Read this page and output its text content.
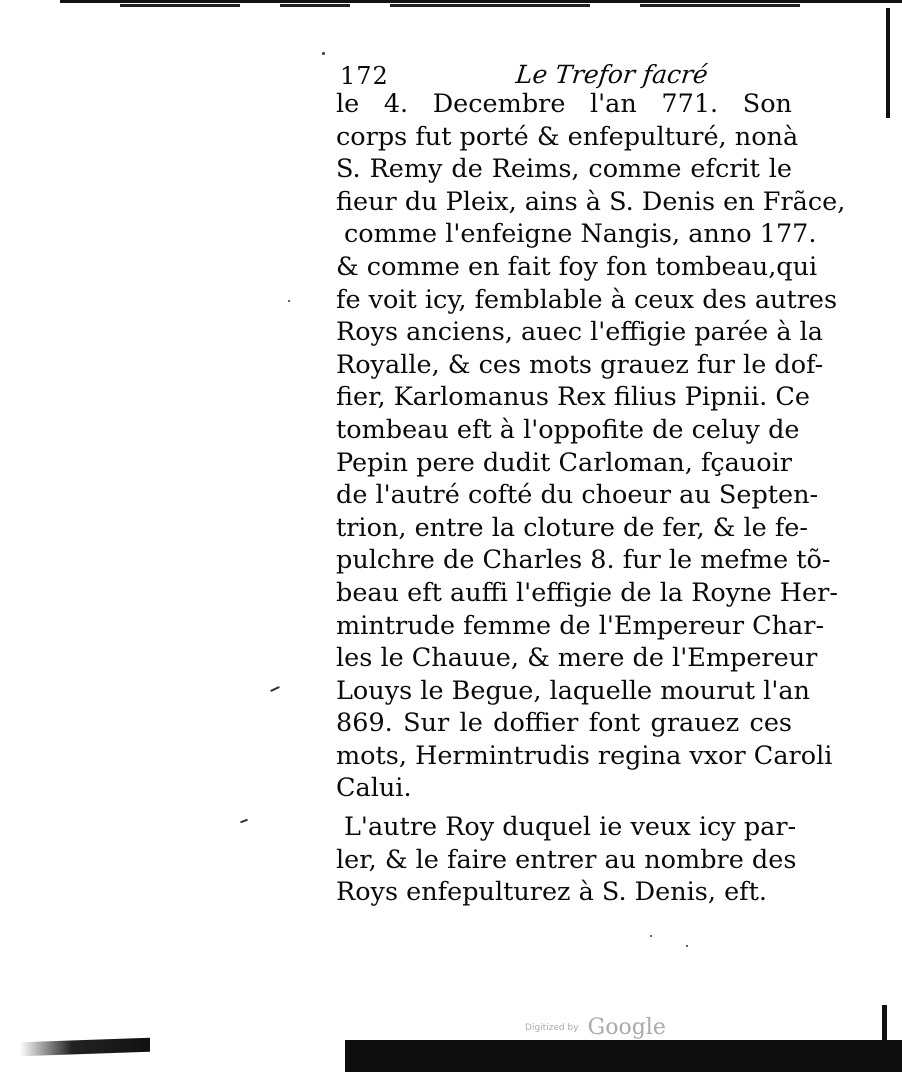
172	Le Trefor facré
le 4. Decembre l'an 771. Son
corps fut porté & enfepulturé, nonà
S. Remy de Reims, comme efcrit le
fieur du Pleix, ains à S. Denis en Frãce,
comme l'enfeigne Nangis, anno 177.
& comme en fait foy fon tombeau,qui
fe voit icy, femblable à ceux des autres
Roys anciens, auec l'effigie parée à la
Royalle, & ces mots grauez fur le dof-
fier, Karlomanus Rex filius Pipnii. Ce
tombeau eft à l'oppofite de celuy de
Pepin pere dudit Carloman, fçauoir
de l'autré cofté du choeur au Septen-
trion, entre la cloture de fer, & le fe-
pulchre de Charles 8. fur le mefme tõ-
beau eft auffi l'effigie de la Royne Her-
mintrude femme de l'Empereur Char-
les le Chauue, & mere de l'Empereur
Louys le Begue, laquelle mourut l'an
869. Sur le doffier font grauez ces
mots, Hermintrudis regina vxor Caroli
Calui.
L'autre Roy duquel ie veux icy par-
ler, & le faire entrer au nombre des
Roys enfepulturez à S. Denis, eft.
Digitized by Google
